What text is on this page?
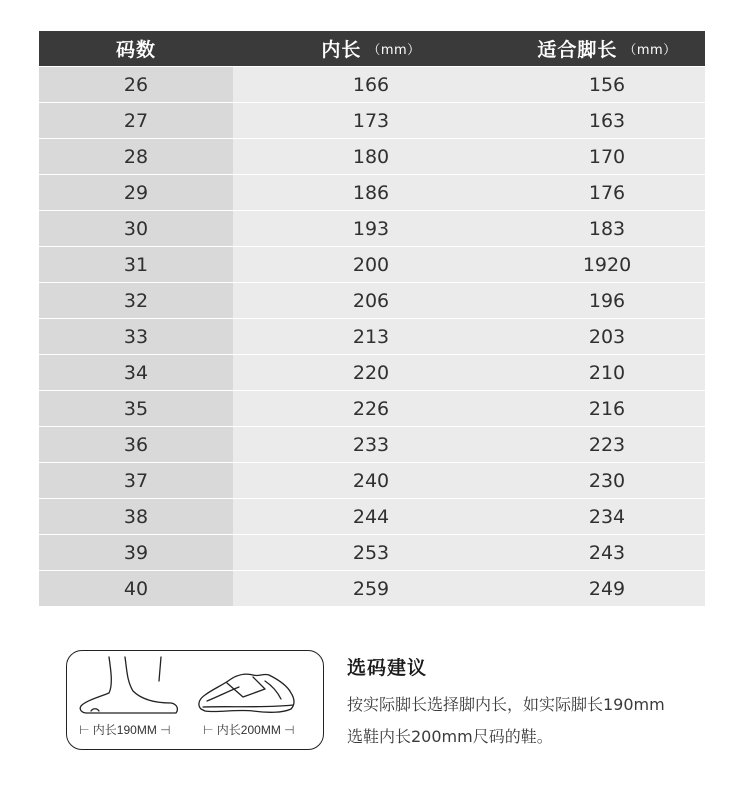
码数	内长 （mm）	适合脚长 （mm）
26	166	156
27	173	163
28	180	170
29	186	176
30	193	183
31	200	1920
32	206	196
33	213	203
34	220	210
35	226	216
36	233	223
37	240	230
38	244	234
39	253	243
40	259	249
⊢ 内长190MM ⊣	⊢ 内长200MM ⊣
选码建议
按实际脚长选择脚内长，如实际脚长190mm
选鞋内长200mm尺码的鞋。
